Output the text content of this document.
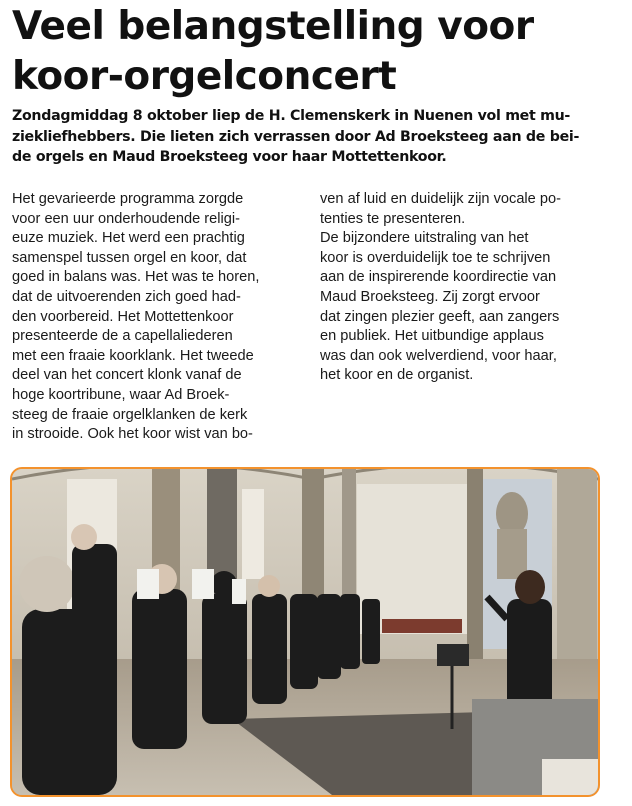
Veel belangstelling voor
koor-orgelconcert
Zondagmiddag 8 oktober liep de H. Clemenskerk in Nuenen vol met mu-
ziekliefhebbers. Die lieten zich verrassen door Ad Broeksteeg aan de bei-
de orgels en Maud Broeksteeg voor haar Mottettenkoor.

Het gevarieerde programma zorgde

voor een uur onderhoudende religi-

euze muziek. Het werd een prachtig

samenspel tussen orgel en koor, dat

goed in balans was. Het was te horen,

dat de uitvoerenden zich goed had-

den voorbereid. Het Mottettenkoor

presenteerde de a capellaliederen

met een fraaie koorklank. Het tweede

deel van het concert klonk vanaf de

hoge koortribune, waar Ad Broek-

steeg de fraaie orgelklanken de kerk

in strooide. Ook het koor wist van bo-

ven af luid en duidelijk zijn vocale po-

tenties te presenteren.

De bijzondere uitstraling van het

koor is overduidelijk toe te schrijven

aan de inspirerende koordirectie van

Maud Broeksteeg. Zij zorgt ervoor

dat zingen plezier geeft, aan zangers

en publiek. Het uitbundige applaus

was dan ook welverdiend, voor haar,

het koor en de organist.
